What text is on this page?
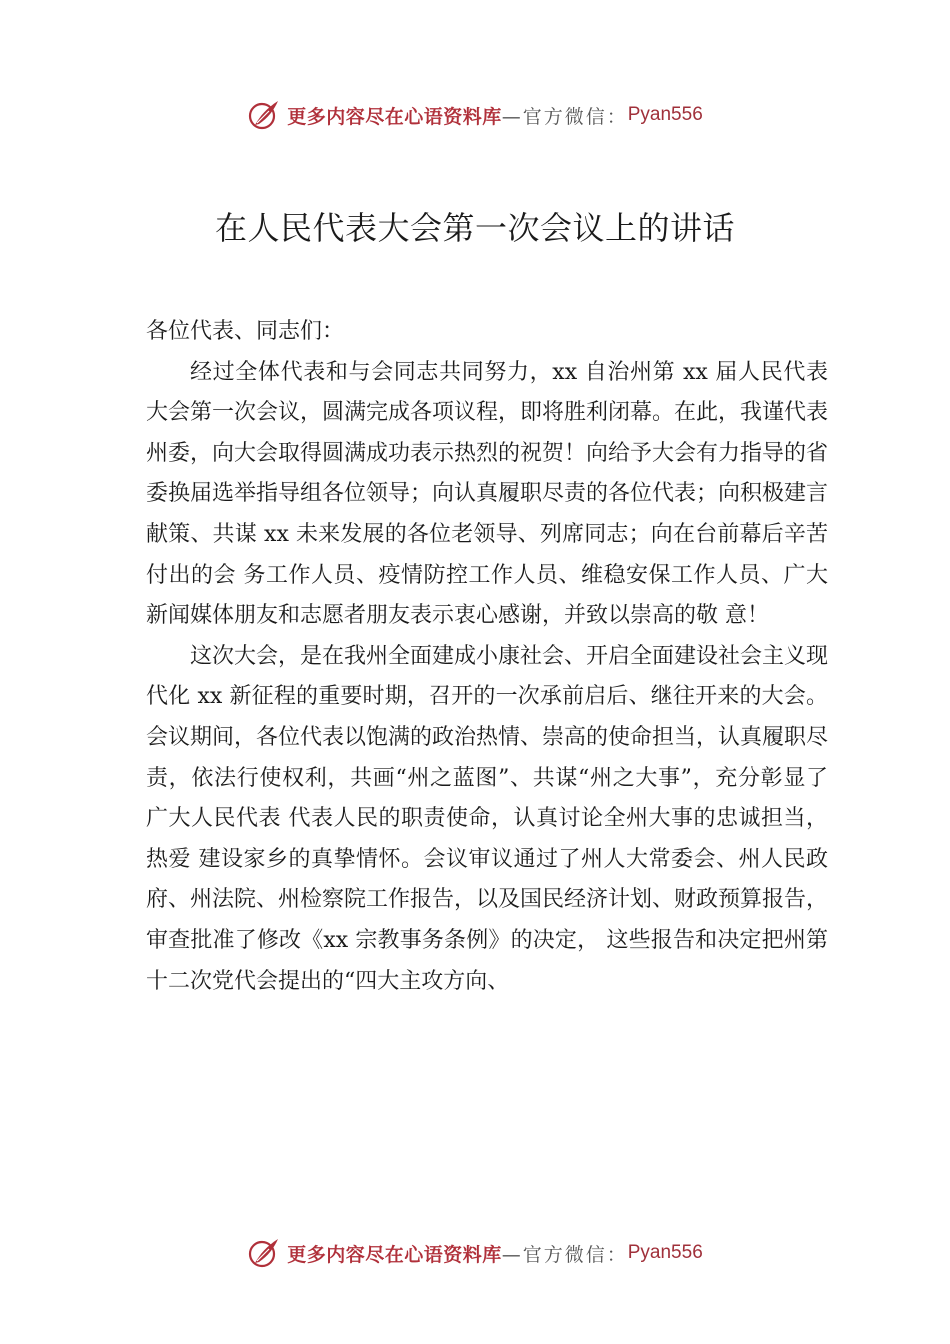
更多内容尽在心语资料库 —官方微信： Pyan556
在人民代表大会第一次会议上的讲话

各位代表、同志们：

经过全体代表和与会同志共同努力，xx 自治州第 xx 届人民代表大会第一次会议，圆满完成各项议程，即将胜利闭幕。在此，我谨代表州委，向大会取得圆满成功表示热烈的祝贺！向给予大会有力指导的省委换届选举指导组各位领导；向认真履职尽责的各位代表；向积极建言献策、共谋 xx 未来发展的各位老领导、列席同志；向在台前幕后辛苦付出的会 务工作人员、疫情防控工作人员、维稳安保工作人员、广大 新闻媒体朋友和志愿者朋友表示衷心感谢，并致以崇高的敬 意！

这次大会，是在我州全面建成小康社会、开启全面建设社会主义现代化 xx 新征程的重要时期，召开的一次承前启后、继往开来的大会。会议期间，各位代表以饱满的政治热情、崇高的使命担当，认真履职尽责，依法行使权利，共画“州之蓝图”、共谋“州之大事”，充分彰显了广大人民代表 代表人民的职责使命，认真讨论全州大事的忠诚担当，热爱 建设家乡的真挚情怀。会议审议通过了州人大常委会、州人民政府、州法院、州检察院工作报告，以及国民经济计划、财政预算报告，审查批准了修改《xx 宗教事务条例》的决定， 这些报告和决定把州第十二次党代会提出的“四大主攻方向、

更多内容尽在心语资料库 —官方微信： Pyan556
